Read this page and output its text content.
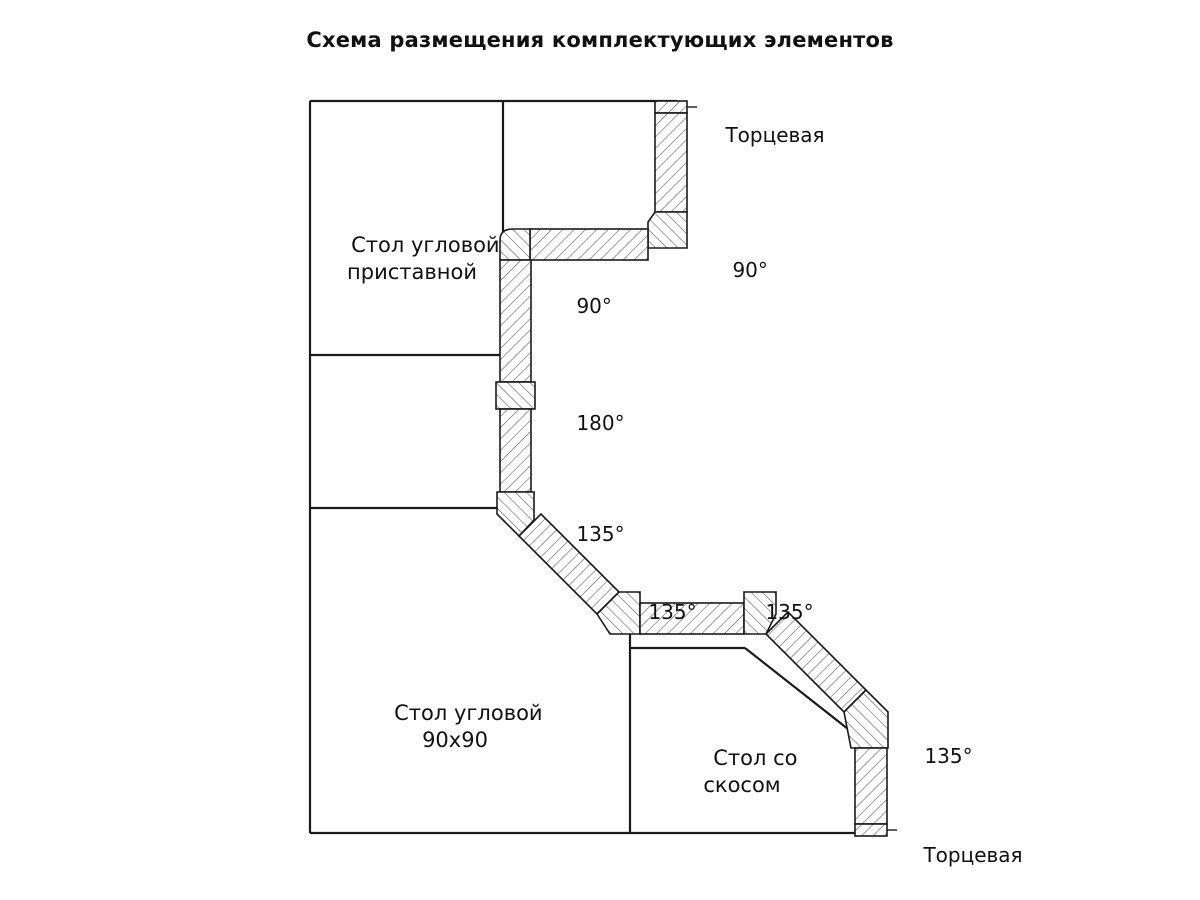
Схема размещения комплектующих элементов

Стол угловой
приставной

Стол угловой
90х90

Стол со
скосом

Торцевая

90°

90°

180°

135°

135°
	135°

135°

Торцевая
